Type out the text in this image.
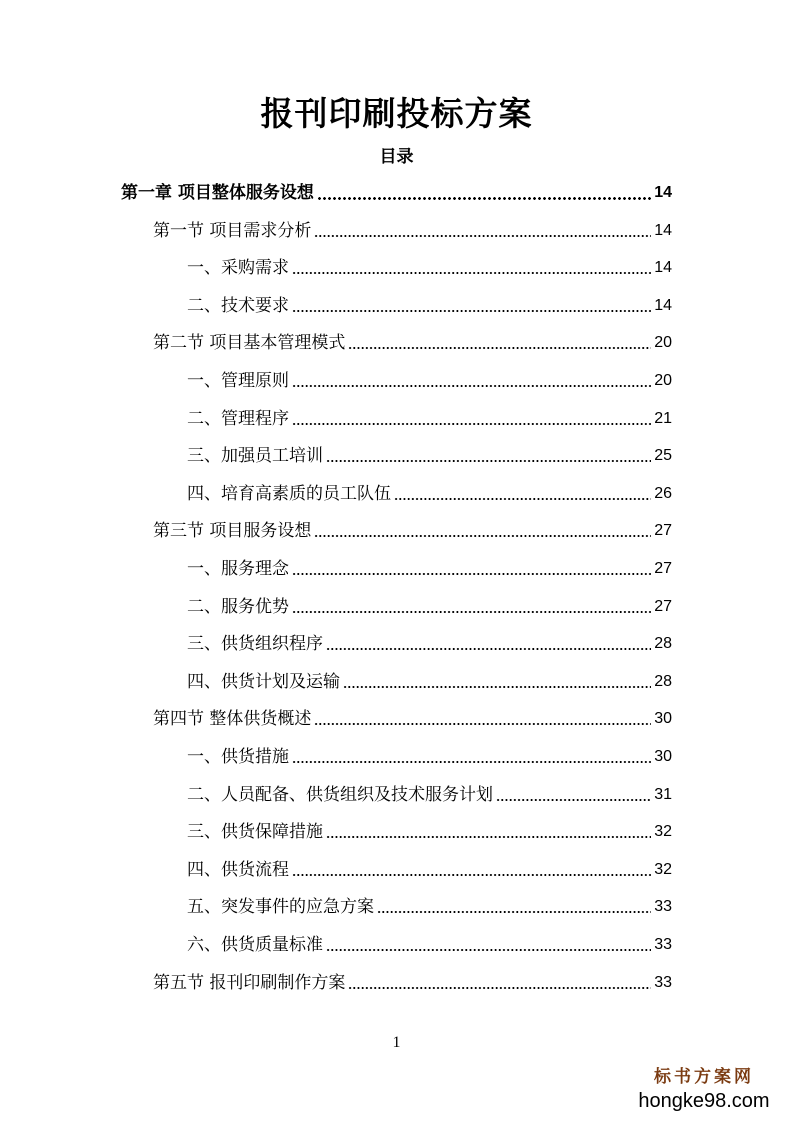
报刊印刷投标方案
目录
第一章 项目整体服务设想	14
第一节 项目需求分析	14
一、采购需求	14
二、技术要求	14
第二节 项目基本管理模式	20
一、管理原则	20
二、管理程序	21
三、加强员工培训	25
四、培育高素质的员工队伍	26
第三节 项目服务设想	27
一、服务理念	27
二、服务优势	27
三、供货组织程序	28
四、供货计划及运输	28
第四节 整体供货概述	30
一、供货措施	30
二、人员配备、供货组织及技术服务计划	31
三、供货保障措施	32
四、供货流程	32
五、突发事件的应急方案	33
六、供货质量标准	33
第五节 报刊印刷制作方案	33
1
标书方案网
hongke98.com
